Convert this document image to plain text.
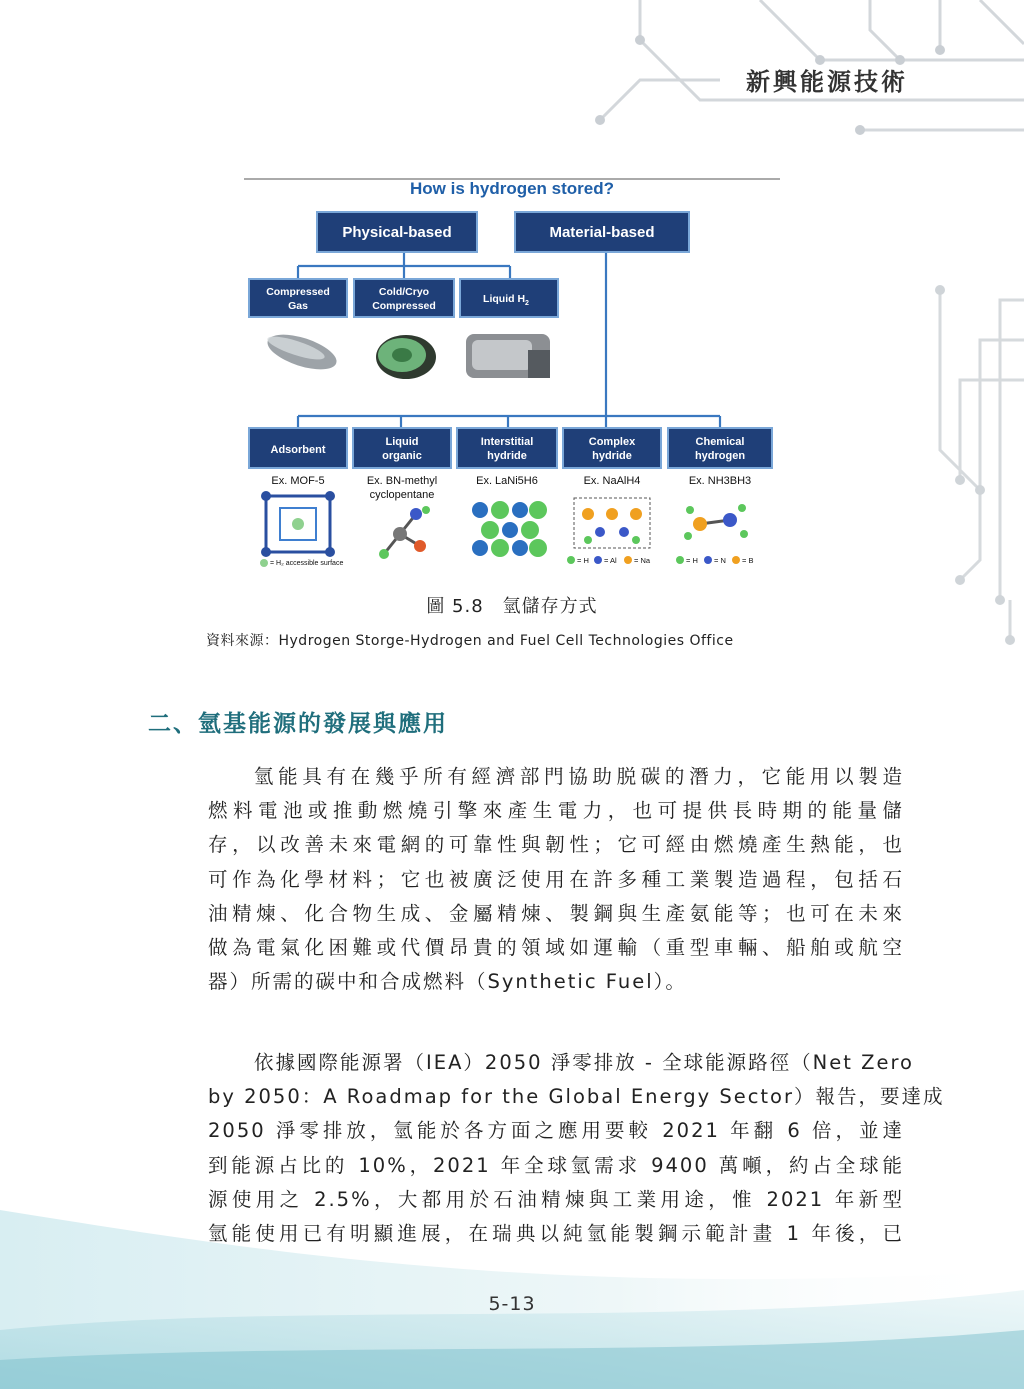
新興能源技術
How is hydrogen stored?
Physical-based	Material-based
Compressed
Gas
Cold/Cryo
Compressed
Liquid $H_2$
Adsorbent
Liquid
organic
Interstitial
hydride
Complex
hydride
Chemical
hydrogen
Ex. MOF-5	Ex. BN-methyl
cyclopentane
Ex. LaNi5H6	Ex. NaAlH4	Ex. NH3BH3
= H₂ accessible surface	= H = Al = Na	= H = N = B
圖 5.8　氫儲存方式
資料來源：Hydrogen Storge-Hydrogen and Fuel Cell Technologies Office
二、氫基能源的發展與應用
氫能具有在幾乎所有經濟部門協助脱碳的潛力，它能用以製造
燃料電池或推動燃燒引擎來產生電力，也可提供長時期的能量儲
存，以改善未來電網的可靠性與韌性；它可經由燃燒產生熱能，也
可作為化學材料；它也被廣泛使用在許多種工業製造過程，包括石
油精煉、化合物生成、金屬精煉、製鋼與生產氨能等；也可在未來
做為電氣化困難或代價昂貴的領域如運輸（重型車輛、船舶或航空
器）所需的碳中和合成燃料（Synthetic Fuel）。
依據國際能源署（IEA）2050 淨零排放 - 全球能源路徑（Net Zero
by 2050：A Roadmap for the Global Energy Sector）報告，要達成
2050 淨零排放，氫能於各方面之應用要較 2021 年翻 6 倍，並達
到能源占比的 10%，2021 年全球氫需求 9400 萬噸，約占全球能
源使用之 2.5%，大都用於石油精煉與工業用途，惟 2021 年新型
氫能使用已有明顯進展，在瑞典以純氫能製鋼示範計畫 1 年後，已
5-13
